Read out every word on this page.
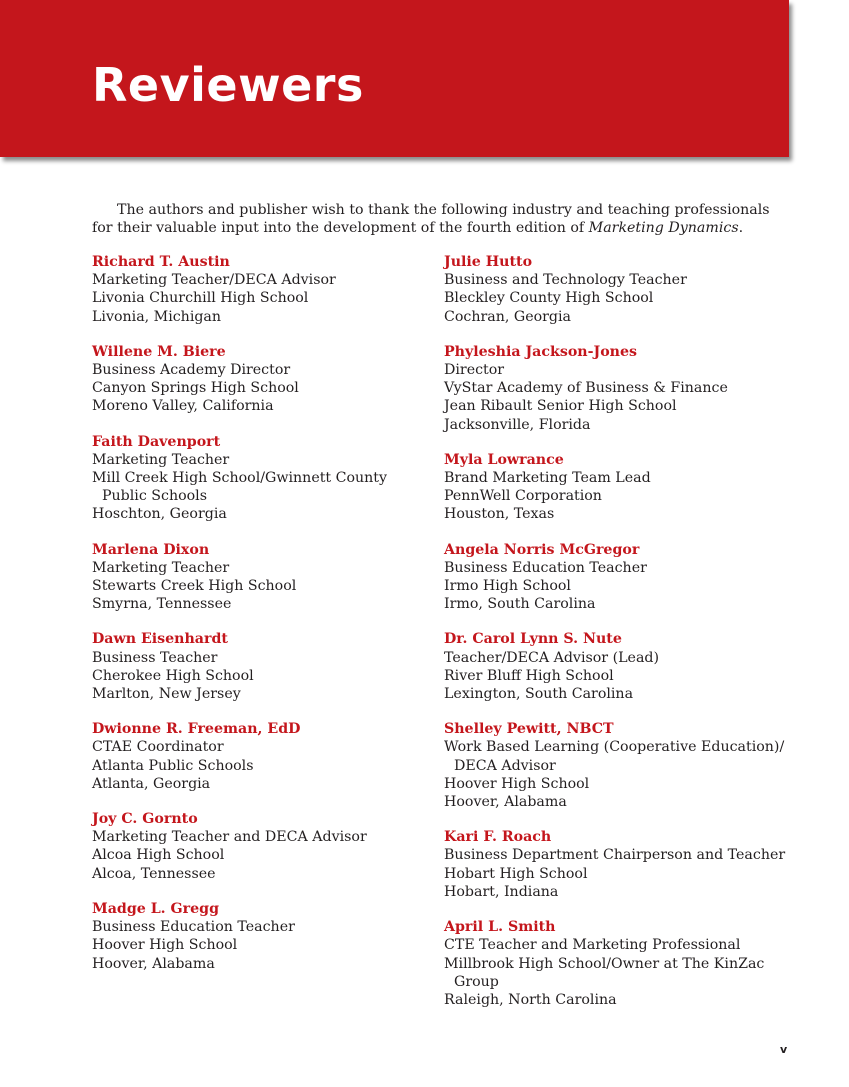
Reviewers

The authors and publisher wish to thank the following industry and teaching professionals for their valuable input into the development of the fourth edition of Marketing Dynamics.

Richard T. Austin
Marketing Teacher/DECA Advisor
Livonia Churchill High School
Livonia, Michigan
Willene M. Biere
Business Academy Director
Canyon Springs High School
Moreno Valley, California
Faith Davenport
Marketing Teacher
Mill Creek High School/Gwinnett County Public Schools
Hoschton, Georgia
Marlena Dixon
Marketing Teacher
Stewarts Creek High School
Smyrna, Tennessee
Dawn Eisenhardt
Business Teacher
Cherokee High School
Marlton, New Jersey
Dwionne R. Freeman, EdD
CTAE Coordinator
Atlanta Public Schools
Atlanta, Georgia
Joy C. Gornto
Marketing Teacher and DECA Advisor
Alcoa High School
Alcoa, Tennessee
Madge L. Gregg
Business Education Teacher
Hoover High School
Hoover, Alabama
Julie Hutto
Business and Technology Teacher
Bleckley County High School
Cochran, Georgia
Phyleshia Jackson-Jones
Director
VyStar Academy of Business & Finance
Jean Ribault Senior High School
Jacksonville, Florida
Myla Lowrance
Brand Marketing Team Lead
PennWell Corporation
Houston, Texas
Angela Norris McGregor
Business Education Teacher
Irmo High School
Irmo, South Carolina
Dr. Carol Lynn S. Nute
Teacher/DECA Advisor (Lead)
River Bluff High School
Lexington, South Carolina
Shelley Pewitt, NBCT
Work Based Learning (Cooperative Education)/ DECA Advisor
Hoover High School
Hoover, Alabama
Kari F. Roach
Business Department Chairperson and Teacher
Hobart High School
Hobart, Indiana
April L. Smith
CTE Teacher and Marketing Professional
Millbrook High School/Owner at The KinZac Group
Raleigh, North Carolina
v
